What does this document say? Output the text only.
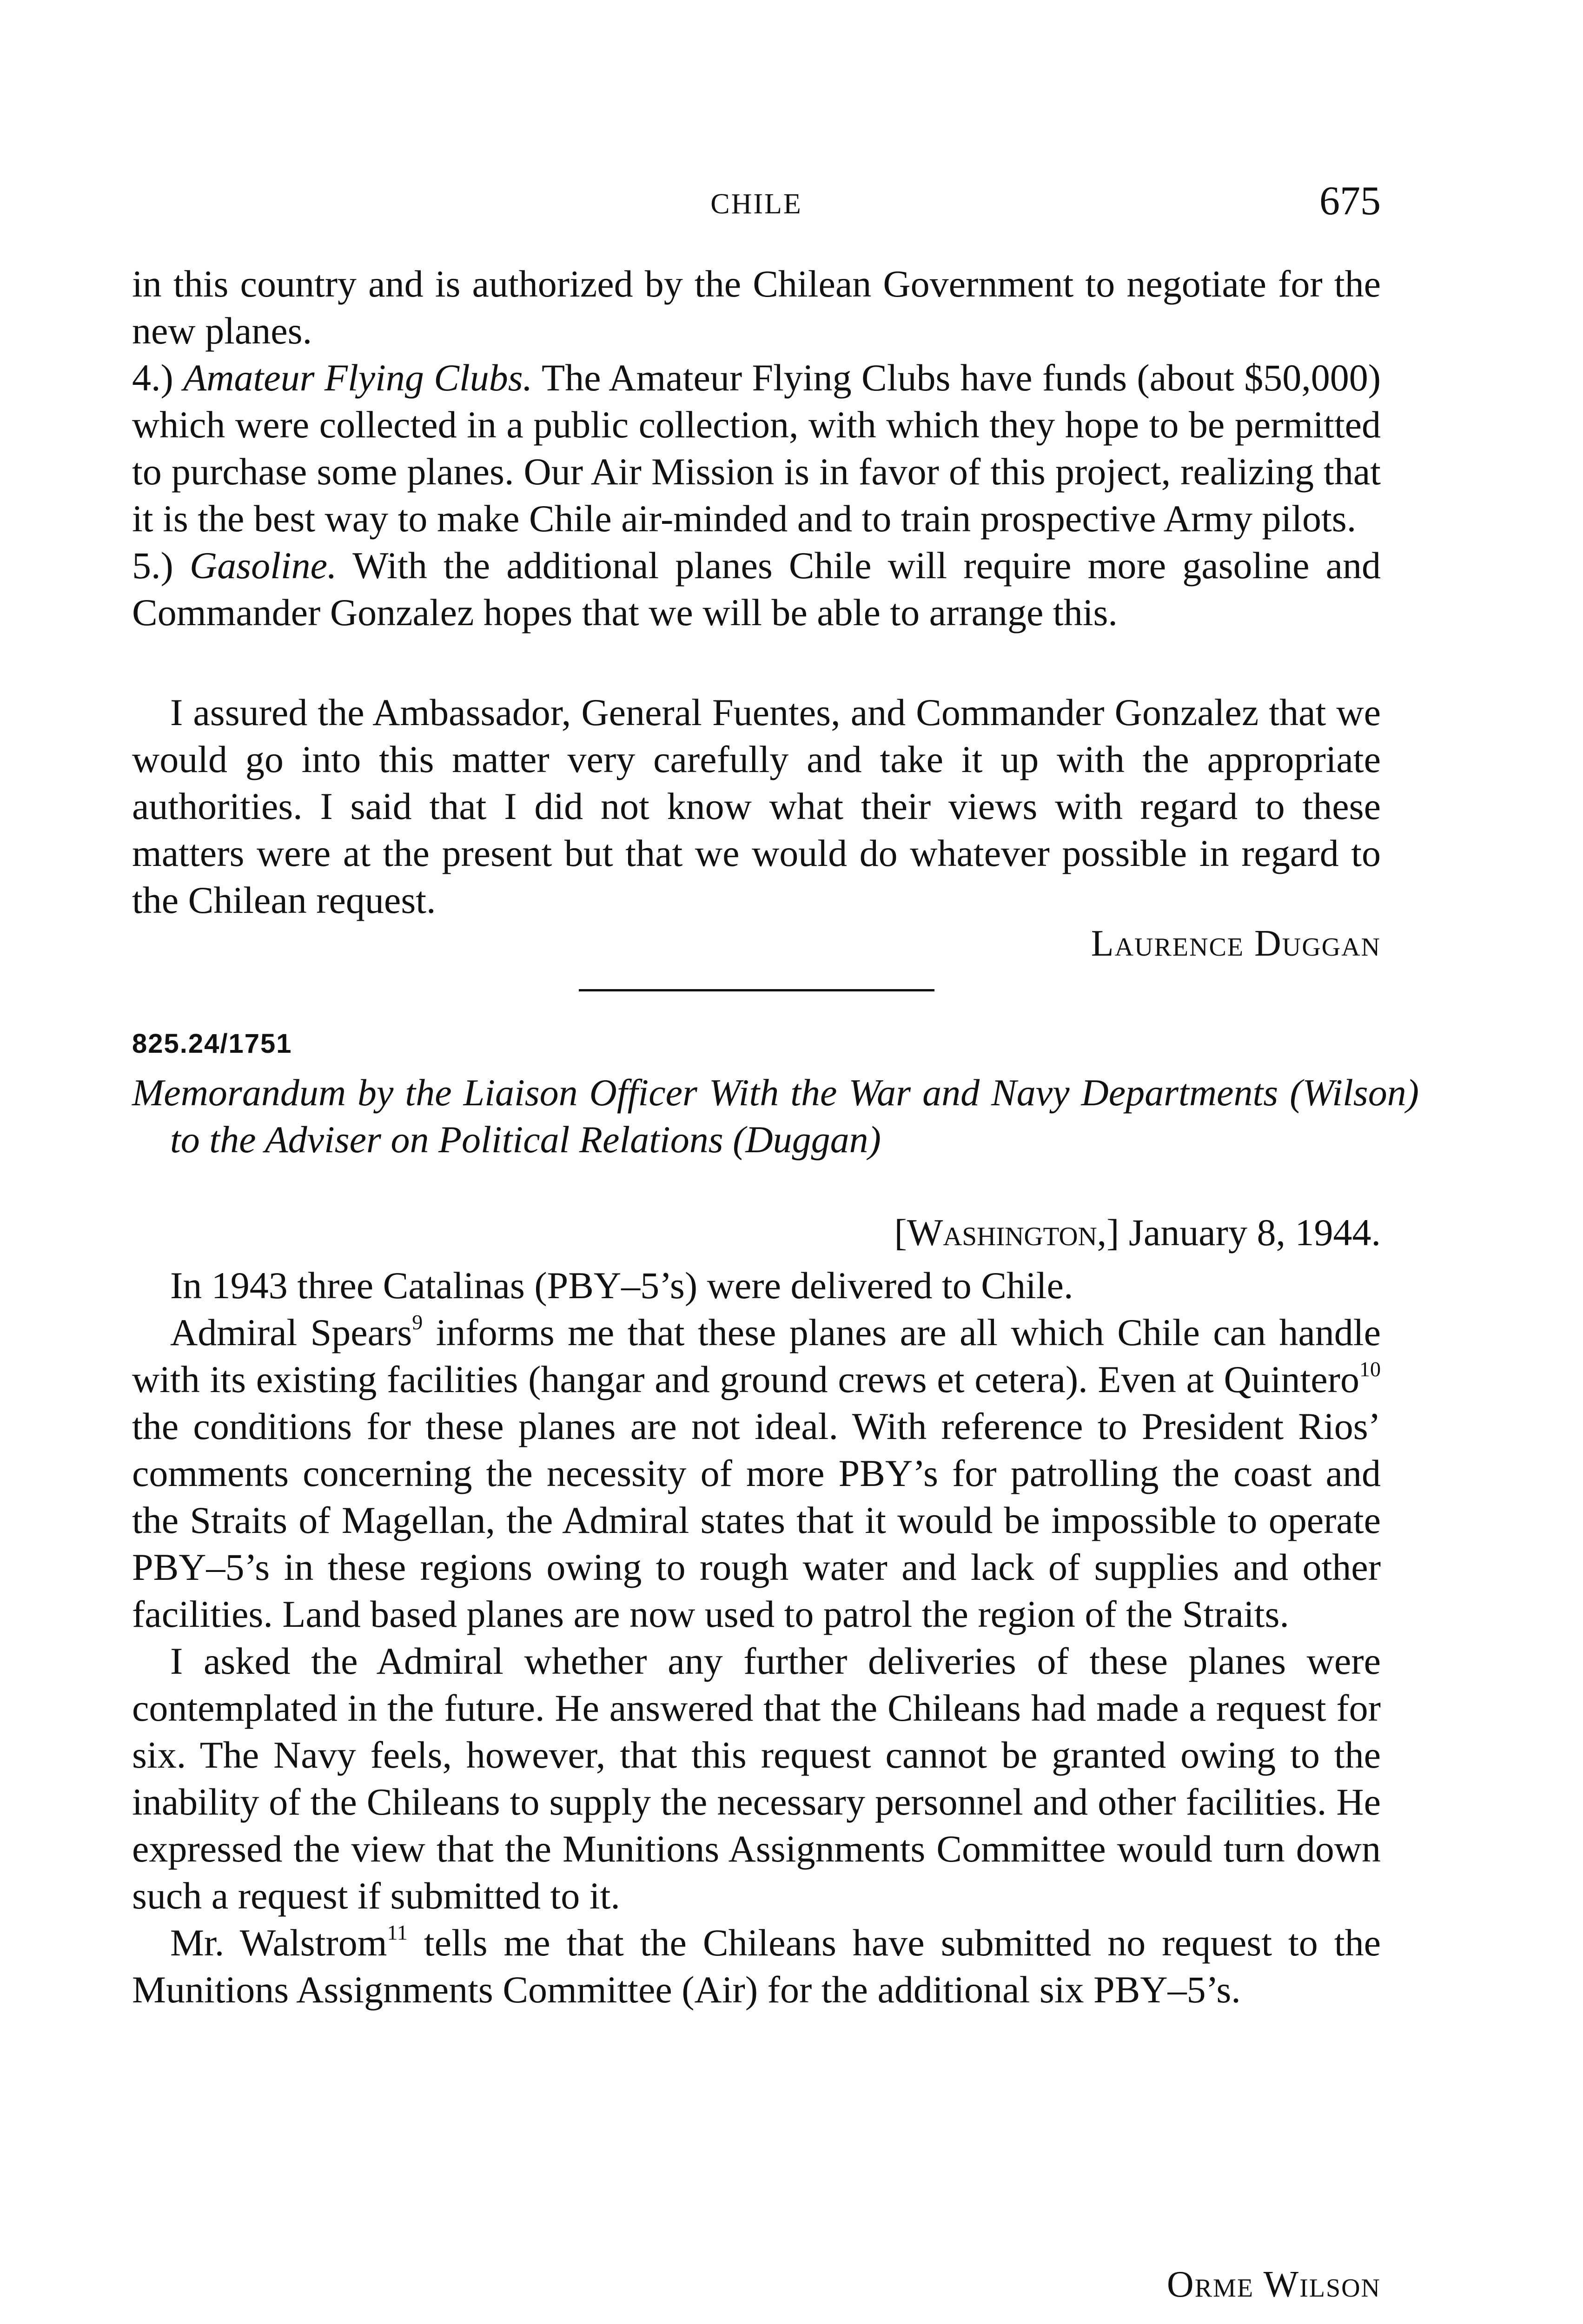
CHILE	675

in this country and is authorized by the Chilean Government to negotiate for the new planes.

4.) Amateur Flying Clubs. The Amateur Flying Clubs have funds (about $50,000) which were collected in a public collection, with which they hope to be permitted to purchase some planes. Our Air Mission is in favor of this project, realizing that it is the best way to make Chile air-minded and to train prospective Army pilots.

5.) Gasoline. With the additional planes Chile will require more gasoline and Commander Gonzalez hopes that we will be able to arrange this.

I assured the Ambassador, General Fuentes, and Commander Gonzalez that we would go into this matter very carefully and take it up with the appropriate authorities. I said that I did not know what their views with regard to these matters were at the present but that we would do whatever possible in regard to the Chilean request.

Laurence Duggan
825.24/1751
Memorandum by the Liaison Officer With the War and Navy Departments (Wilson) to the Adviser on Political Relations (Duggan)
[Washington,] January 8, 1944.

In 1943 three Catalinas (PBY–5’s) were delivered to Chile.

Admiral Spears$^9$ informs me that these planes are all which Chile can handle with its existing facilities (hangar and ground crews et cetera). Even at Quintero$^{10}$ the conditions for these planes are not ideal. With reference to President Rios’ comments concerning the necessity of more PBY’s for patrolling the coast and the Straits of Magellan, the Admiral states that it would be impossible to operate PBY–5’s in these regions owing to rough water and lack of supplies and other facilities. Land based planes are now used to patrol the region of the Straits.

I asked the Admiral whether any further deliveries of these planes were contemplated in the future. He answered that the Chileans had made a request for six. The Navy feels, however, that this request cannot be granted owing to the inability of the Chileans to supply the necessary personnel and other facilities. He expressed the view that the Munitions Assignments Committee would turn down such a request if submitted to it.

Mr. Walstrom$^{11}$ tells me that the Chileans have submitted no request to the Munitions Assignments Committee (Air) for the additional six PBY–5’s.

Orme Wilson
